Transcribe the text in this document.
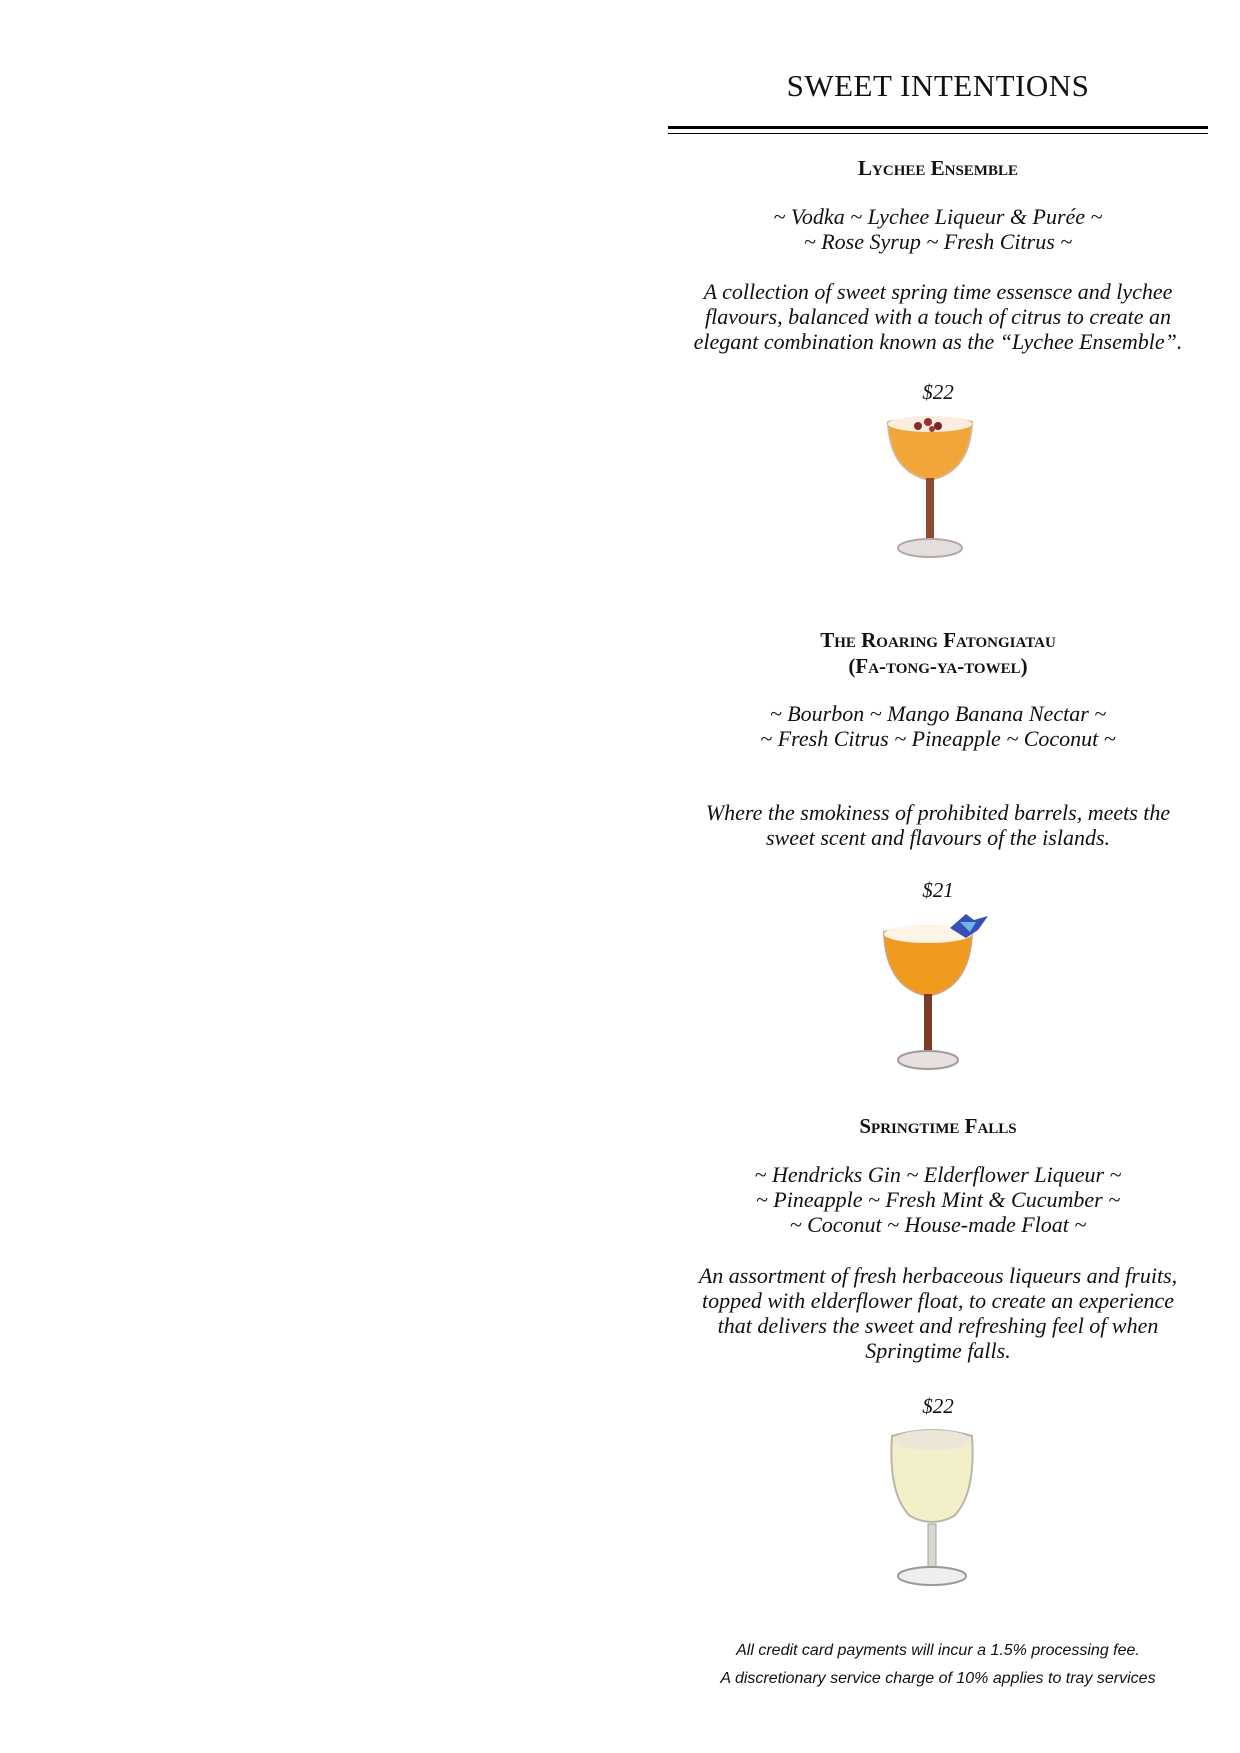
SWEET INTENTIONS

Lychee Ensemble

~ Vodka ~ Lychee Liqueur & Purée ~

~ Rose Syrup ~ Fresh Citrus ~

A collection of sweet spring time essensce and lychee

flavours, balanced with a touch of citrus to create an

elegant combination known as the “Lychee Ensemble”.

$22

The Roaring Fatongiatau

(Fa-tong-ya-towel)

~ Bourbon ~ Mango Banana Nectar ~

~ Fresh Citrus ~ Pineapple ~ Coconut ~

Where the smokiness of prohibited barrels, meets the

sweet scent and flavours of the islands.

$21

Springtime Falls

~ Hendricks Gin ~ Elderflower Liqueur ~

~ Pineapple ~ Fresh Mint & Cucumber ~

~ Coconut ~ House-made Float ~

An assortment of fresh herbaceous liqueurs and fruits,

topped with elderflower float, to create an experience

that delivers the sweet and refreshing feel of when

Springtime falls.

$22

All credit card payments will incur a 1.5% processing fee.
A discretionary service charge of 10% applies to tray services
